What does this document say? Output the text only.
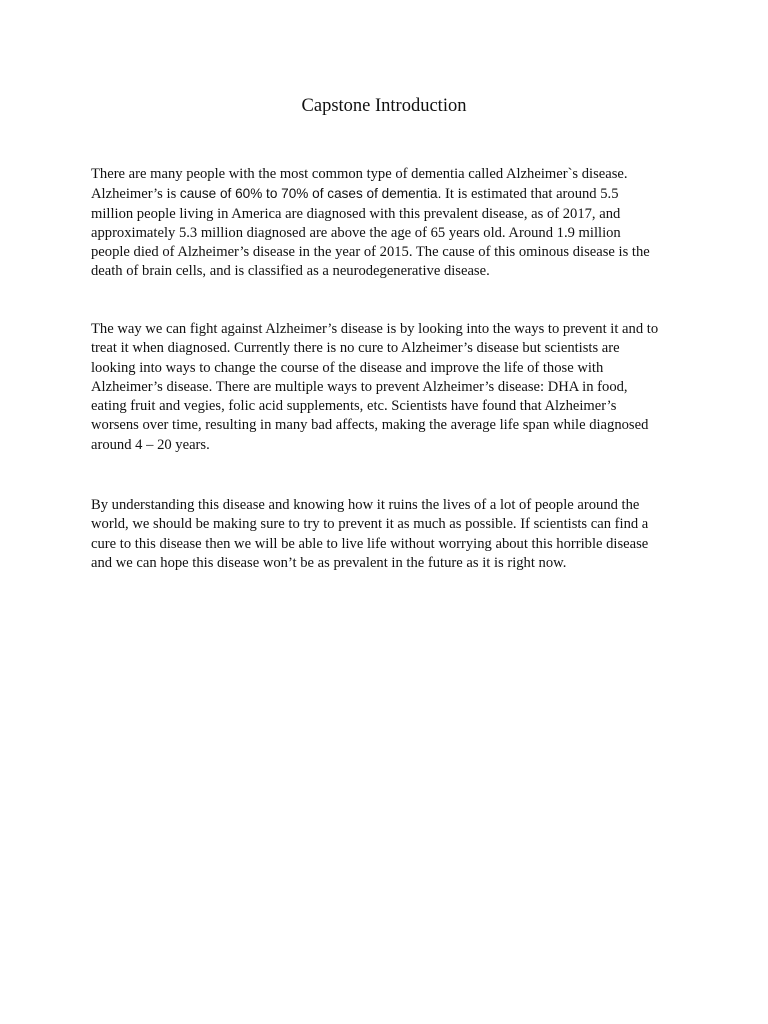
Capstone Introduction
There are many people with the most common type of dementia called Alzheimer`s disease.
Alzheimer’s is cause of 60% to 70% of cases of dementia. It is estimated that around 5.5
million people living in America are diagnosed with this prevalent disease, as of 2017, and
approximately 5.3 million diagnosed are above the age of 65 years old. Around 1.9 million
people died of Alzheimer’s disease in the year of 2015. The cause of this ominous disease is the
death of brain cells, and is classified as a neurodegenerative disease.
The way we can fight against Alzheimer’s disease is by looking into the ways to prevent it and to
treat it when diagnosed. Currently there is no cure to Alzheimer’s disease but scientists are
looking into ways to change the course of the disease and improve the life of those with
Alzheimer’s disease. There are multiple ways to prevent Alzheimer’s disease: DHA in food,
eating fruit and vegies, folic acid supplements, etc. Scientists have found that Alzheimer’s
worsens over time, resulting in many bad affects, making the average life span while diagnosed
around 4 – 20 years.
By understanding this disease and knowing how it ruins the lives of a lot of people around the
world, we should be making sure to try to prevent it as much as possible. If scientists can find a
cure to this disease then we will be able to live life without worrying about this horrible disease
and we can hope this disease won’t be as prevalent in the future as it is right now.
